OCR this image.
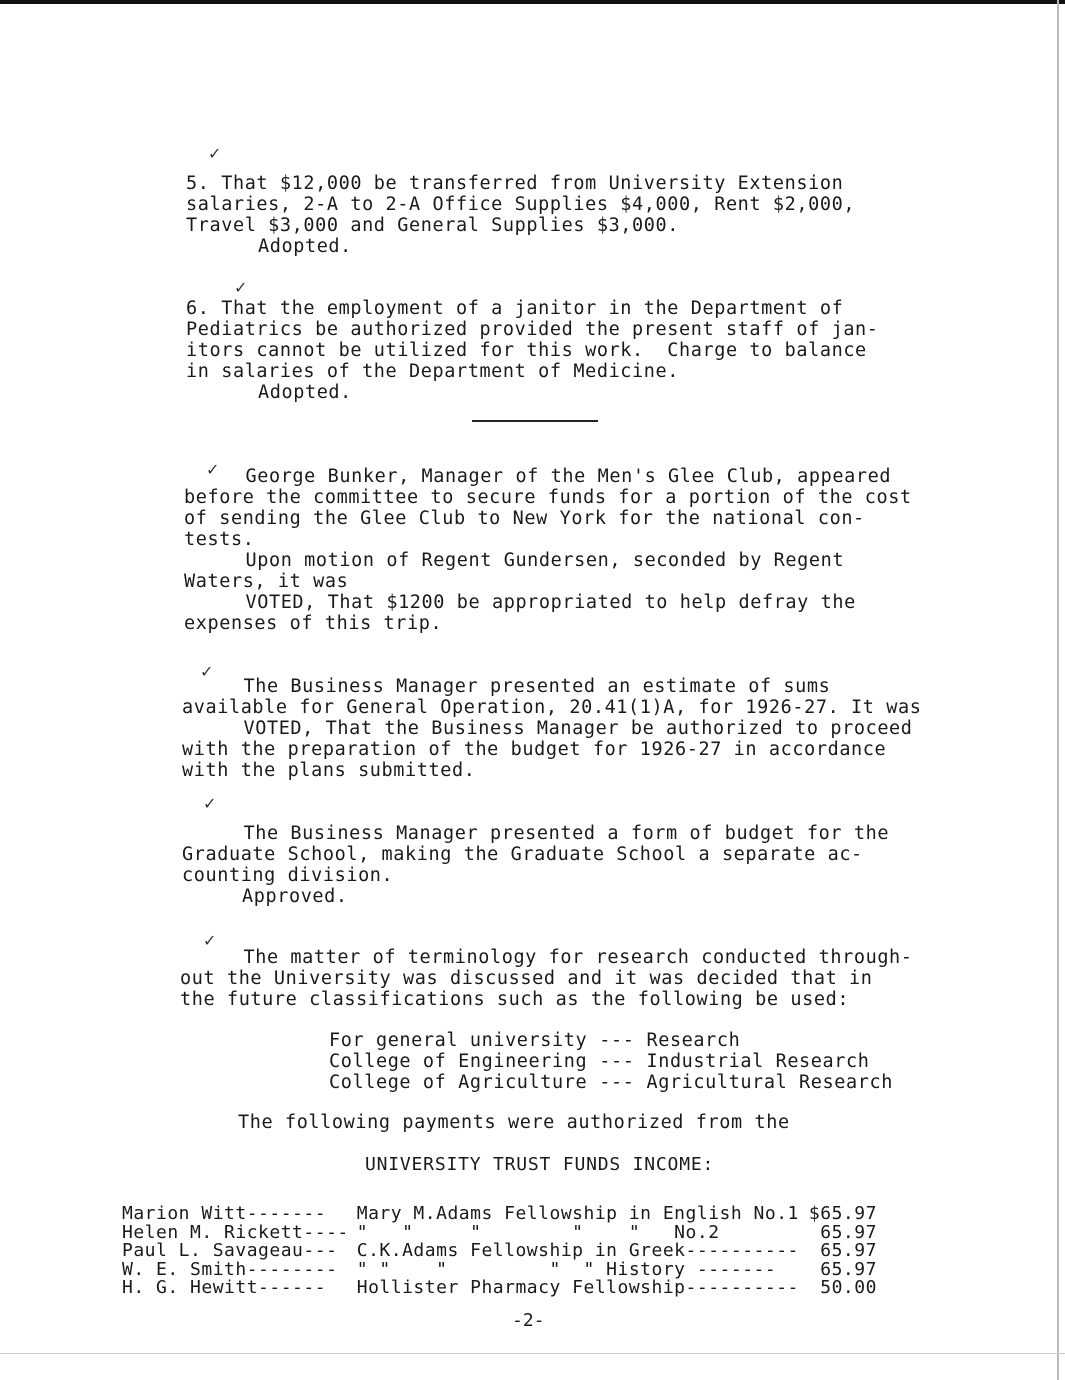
✓
5. That $12,000 be transferred from University Extension
salaries, 2-A to 2-A Office Supplies $4,000, Rent $2,000,
Travel $3,000 and General Supplies $3,000.
Adopted.
✓
6. That the employment of a janitor in the Department of
Pediatrics be authorized provided the present staff of jan-
itors cannot be utilized for this work.  Charge to balance
in salaries of the Department of Medicine.
Adopted.
✓ George Bunker, Manager of the Men's Glee Club, appeared
before the committee to secure funds for a portion of the cost
of sending the Glee Club to New York for the national con-
tests.
Upon motion of Regent Gundersen, seconded by Regent
Waters, it was
VOTED, That $1200 be appropriated to help defray the
expenses of this trip.
✓
The Business Manager presented an estimate of sums
available for General Operation, 20.41(1)A, for 1926-27. It was
VOTED, That the Business Manager be authorized to proceed
with the preparation of the budget for 1926-27 in accordance
with the plans submitted.
✓
The Business Manager presented a form of budget for the
Graduate School, making the Graduate School a separate ac-
counting division.
Approved.
✓
The matter of terminology for research conducted through-
out the University was discussed and it was decided that in
the future classifications such as the following be used:
For general university	---	Research
College of Engineering	---	Industrial Research
College of Agriculture	---	Agricultural Research
The following payments were authorized from the
UNIVERSITY TRUST FUNDS INCOME:
Marion Witt-------	Mary M.Adams Fellowship in English No.1	$65.97
Helen M. Rickett----	"   "     "        "    "   No.2	65.97
Paul L. Savageau---	C.K.Adams Fellowship in Greek----------	65.97
W. E. Smith--------	" "    "         "  " History -------	65.97
H. G. Hewitt------	Hollister Pharmacy Fellowship----------	50.00
-2-
